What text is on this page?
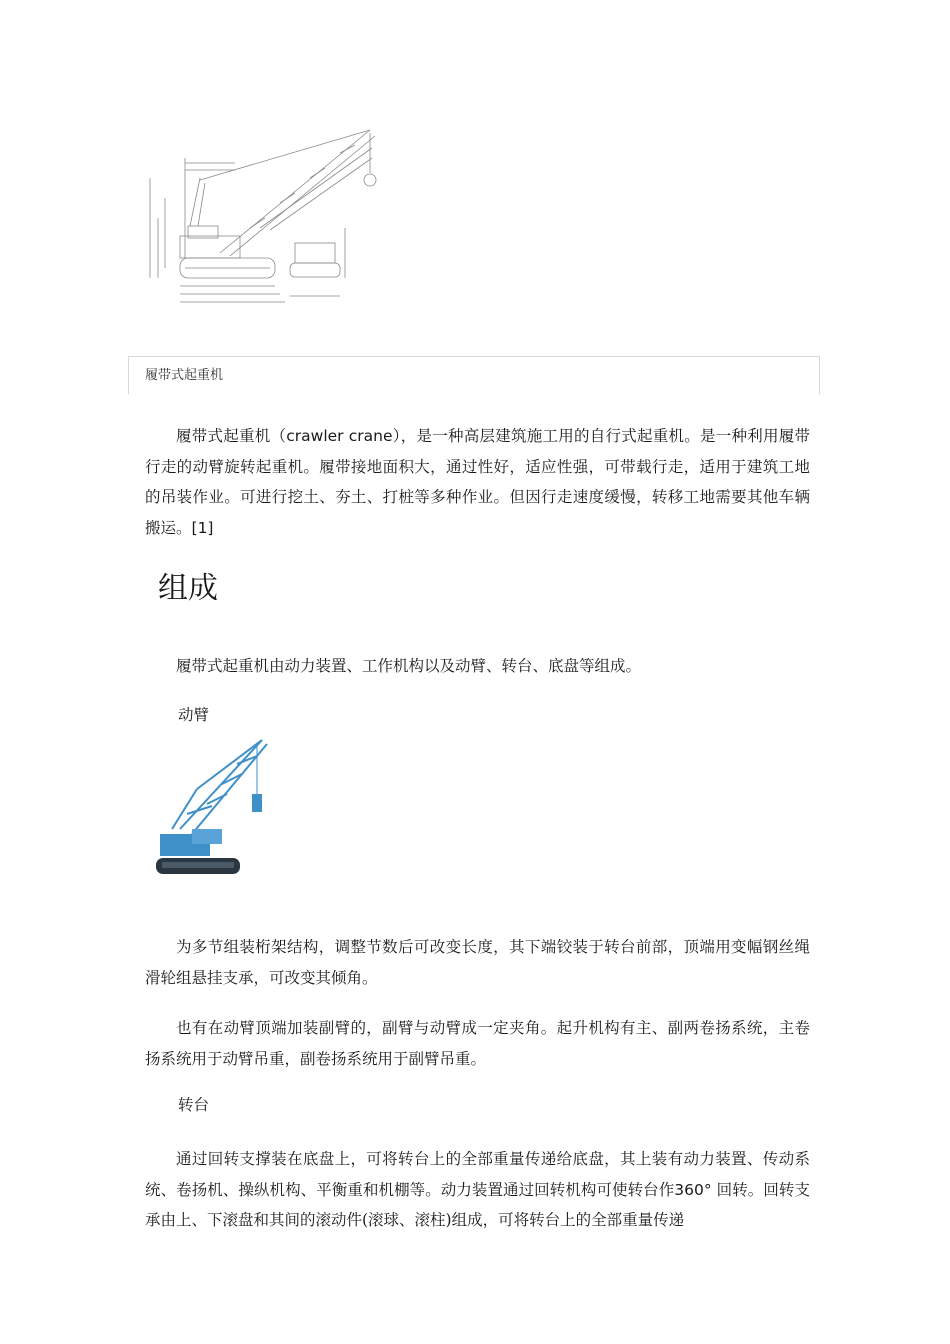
履带式起重机

履带式起重机（crawler crane），是一种高层建筑施工用的自行式起重机。是一种利用履带行走的动臂旋转起重机。履带接地面积大，通过性好，适应性强，可带载行走，适用于建筑工地的吊装作业。可进行挖土、夯土、打桩等多种作业。但因行走速度缓慢，转移工地需要其他车辆搬运。[1]

组成

履带式起重机由动力装置、工作机构以及动臂、转台、底盘等组成。

动臂

为多节组装桁架结构，调整节数后可改变长度，其下端铰装于转台前部，顶端用变幅钢丝绳滑轮组悬挂支承，可改变其倾角。

也有在动臂顶端加装副臂的，副臂与动臂成一定夹角。起升机构有主、副两卷扬系统，主卷扬系统用于动臂吊重，副卷扬系统用于副臂吊重。

转台

通过回转支撑装在底盘上，可将转台上的全部重量传递给底盘，其上装有动力装置、传动系统、卷扬机、操纵机构、平衡重和机棚等。动力装置通过回转机构可使转台作360° 回转。回转支承由上、下滚盘和其间的滚动件(滚球、滚柱)组成，可将转台上的全部重量传递
